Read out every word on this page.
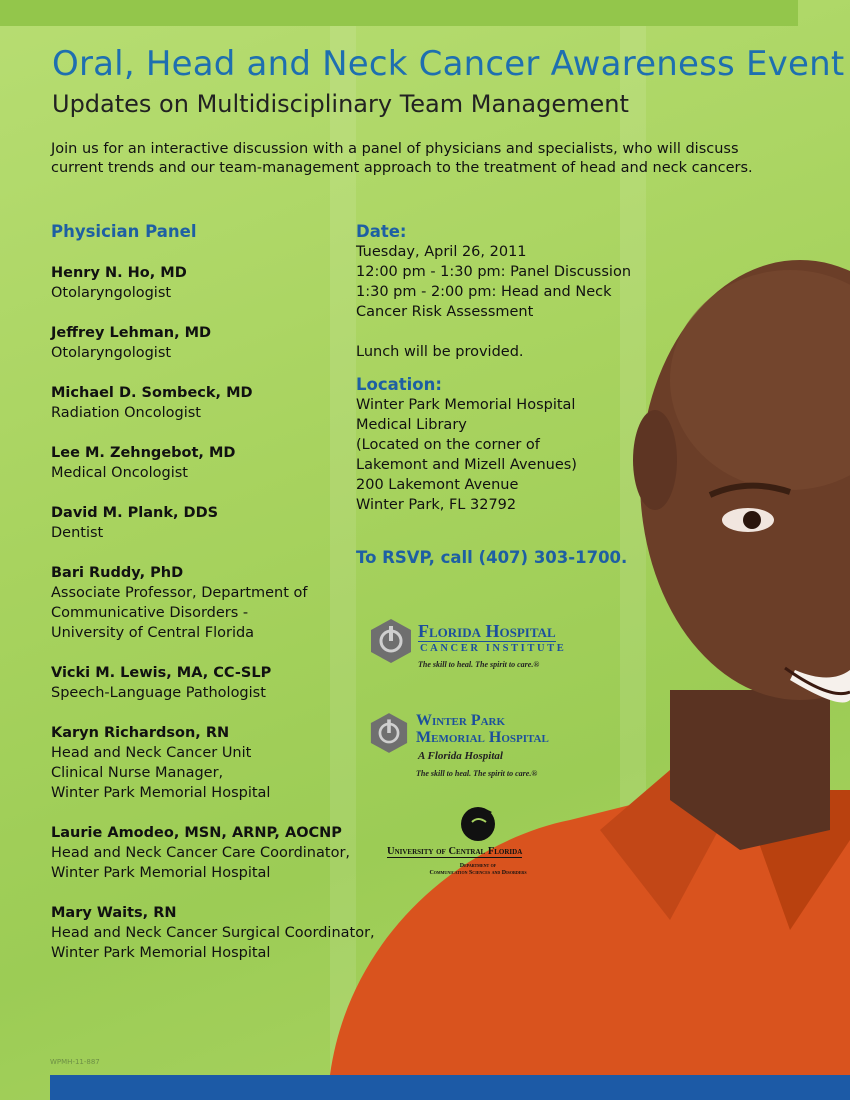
Oral, Head and Neck Cancer Awareness Event
Updates on Multidisciplinary Team Management
Join us for an interactive discussion with a panel of physicians and specialists, who will discuss current trends and our team-management approach to the treatment of head and neck cancers.
Physician Panel
Henry N. Ho, MD
Otolaryngologist
Jeffrey Lehman, MD
Otolaryngologist
Michael D. Sombeck, MD
Radiation Oncologist
Lee M. Zehngebot, MD
Medical Oncologist
David M. Plank, DDS
Dentist
Bari Ruddy, PhD
Associate Professor, Department of
Communicative Disorders -
University of Central Florida
Vicki M. Lewis, MA, CC-SLP
Speech-Language Pathologist
Karyn Richardson, RN
Head and Neck Cancer Unit
Clinical Nurse Manager,
Winter Park Memorial Hospital
Laurie Amodeo, MSN, ARNP, AOCNP
Head and Neck Cancer Care Coordinator,
Winter Park Memorial Hospital
Mary Waits, RN
Head and Neck Cancer Surgical Coordinator,
Winter Park Memorial Hospital
Date:
Tuesday, April 26, 2011
12:00 pm - 1:30 pm: Panel Discussion
1:30 pm - 2:00 pm: Head and Neck
Cancer Risk Assessment
Lunch will be provided.
Location:
Winter Park Memorial Hospital
Medical Library
(Located on the corner of
Lakemont and Mizell Avenues)
200 Lakemont Avenue
Winter Park, FL 32792
To RSVP, call (407) 303-1700.
Florida Hospital
CANCER INSTITUTE
The skill to heal. The spirit to care.®
Winter Park
Memorial Hospital
A Florida Hospital
The skill to heal. The spirit to care.®
University of Central Florida
Department of
Communication Sciences and Disorders
WPMH-11-887
